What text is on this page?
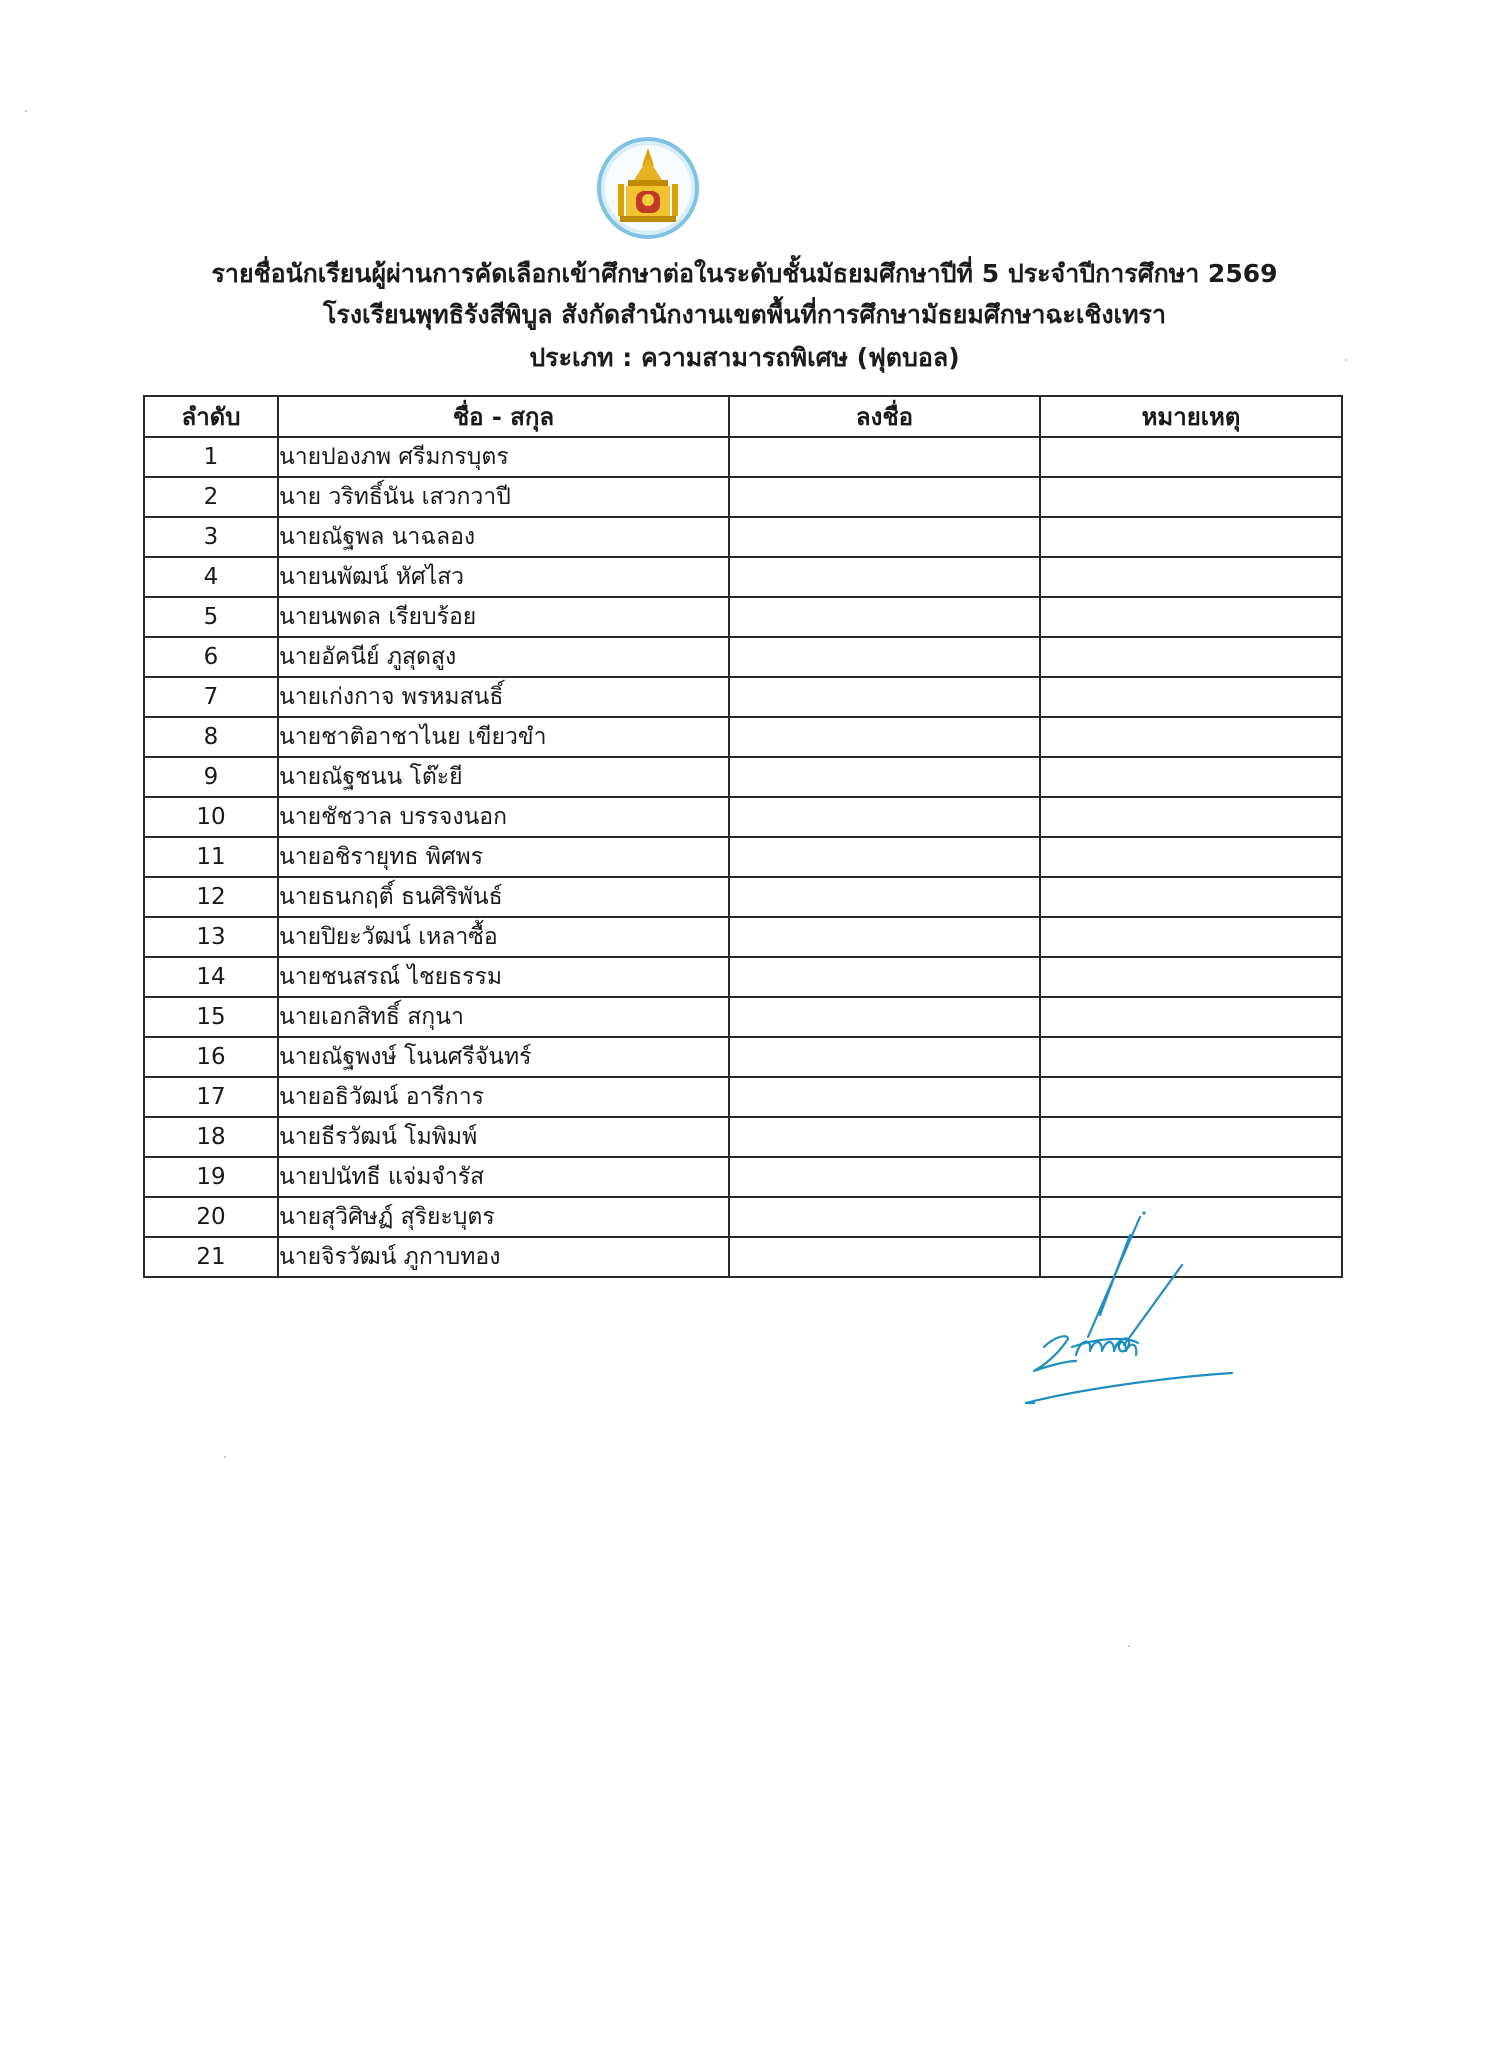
รายชื่อนักเรียนผู้ผ่านการคัดเลือกเข้าศึกษาต่อในระดับชั้นมัธยมศึกษาปีที่ 5 ประจำปีการศึกษา 2569
โรงเรียนพุทธิรังสีพิบูล สังกัดสำนักงานเขตพื้นที่การศึกษามัธยมศึกษาฉะเชิงเทรา
ประเภท : ความสามารถพิเศษ (ฟุตบอล)
ลำดับ	ชื่อ - สกุล	ลงชื่อ	หมายเหตุ
1	นายปองภพ ศรีมกรบุตร		
2	นาย วริทธิ์นัน เสวกวาปี		
3	นายณัฐพล นาฉลอง		
4	นายนพัฒน์ หัศไสว		
5	นายนพดล เรียบร้อย		
6	นายอัคนีย์ ภูสุดสูง		
7	นายเก่งกาจ พรหมสนธิ์		
8	นายชาติอาชาไนย เขียวขำ		
9	นายณัฐชนน โต๊ะยี		
10	นายชัชวาล บรรจงนอก		
11	นายอชิรายุทธ พิศพร		
12	นายธนกฤติ์ ธนศิริพันธ์		
13	นายปิยะวัฒน์ เหลาซื้อ		
14	นายชนสรณ์ ไชยธรรม		
15	นายเอกสิทธิ์ สกุนา		
16	นายณัฐพงษ์ โนนศรีจันทร์		
17	นายอธิวัฒน์ อารีการ		
18	นายธีรวัฒน์ โมพิมพ์		
19	นายปนัทธี แจ่มจำรัส		
20	นายสุวิศิษฏ์ สุริยะบุตร		
21	นายจิรวัฒน์ ภูกาบทอง		
